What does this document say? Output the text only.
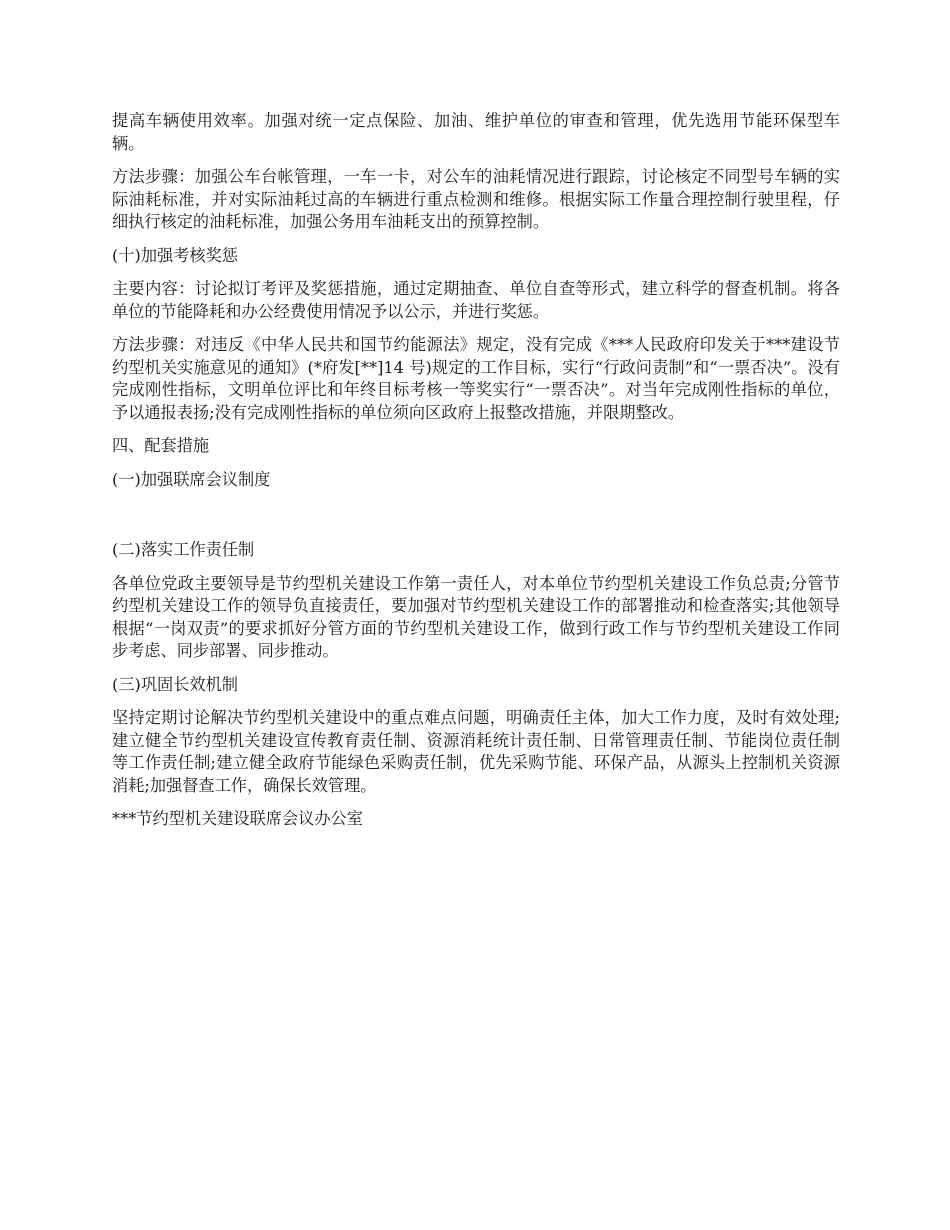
提高车辆使用效率。加强对统一定点保险、加油、维护单位的审查和管理，优先选用节能环保型车辆。

方法步骤：加强公车台帐管理，一车一卡，对公车的油耗情况进行跟踪，讨论核定不同型号车辆的实际油耗标准，并对实际油耗过高的车辆进行重点检测和维修。根据实际工作量合理控制行驶里程，仔细执行核定的油耗标准，加强公务用车油耗支出的预算控制。

(十)加强考核奖惩

主要内容：讨论拟订考评及奖惩措施，通过定期抽查、单位自查等形式，建立科学的督查机制。将各单位的节能降耗和办公经费使用情况予以公示，并进行奖惩。

方法步骤：对违反《中华人民共和国节约能源法》规定，没有完成《***人民政府印发关于***建设节约型机关实施意见的通知》(*府发[**]14 号)规定的工作目标，实行“行政问责制”和“一票否决”。没有完成刚性指标，文明单位评比和年终目标考核一等奖实行“一票否决”。对当年完成刚性指标的单位，予以通报表扬;没有完成刚性指标的单位须向区政府上报整改措施，并限期整改。

四、配套措施

(一)加强联席会议制度

(二)落实工作责任制

各单位党政主要领导是节约型机关建设工作第一责任人，对本单位节约型机关建设工作负总责;分管节约型机关建设工作的领导负直接责任，要加强对节约型机关建设工作的部署推动和检查落实;其他领导根据“一岗双责”的要求抓好分管方面的节约型机关建设工作，做到行政工作与节约型机关建设工作同步考虑、同步部署、同步推动。

(三)巩固长效机制

坚持定期讨论解决节约型机关建设中的重点难点问题，明确责任主体，加大工作力度，及时有效处理;建立健全节约型机关建设宣传教育责任制、资源消耗统计责任制、日常管理责任制、节能岗位责任制等工作责任制;建立健全政府节能绿色采购责任制，优先采购节能、环保产品，从源头上控制机关资源消耗;加强督查工作，确保长效管理。

***节约型机关建设联席会议办公室
